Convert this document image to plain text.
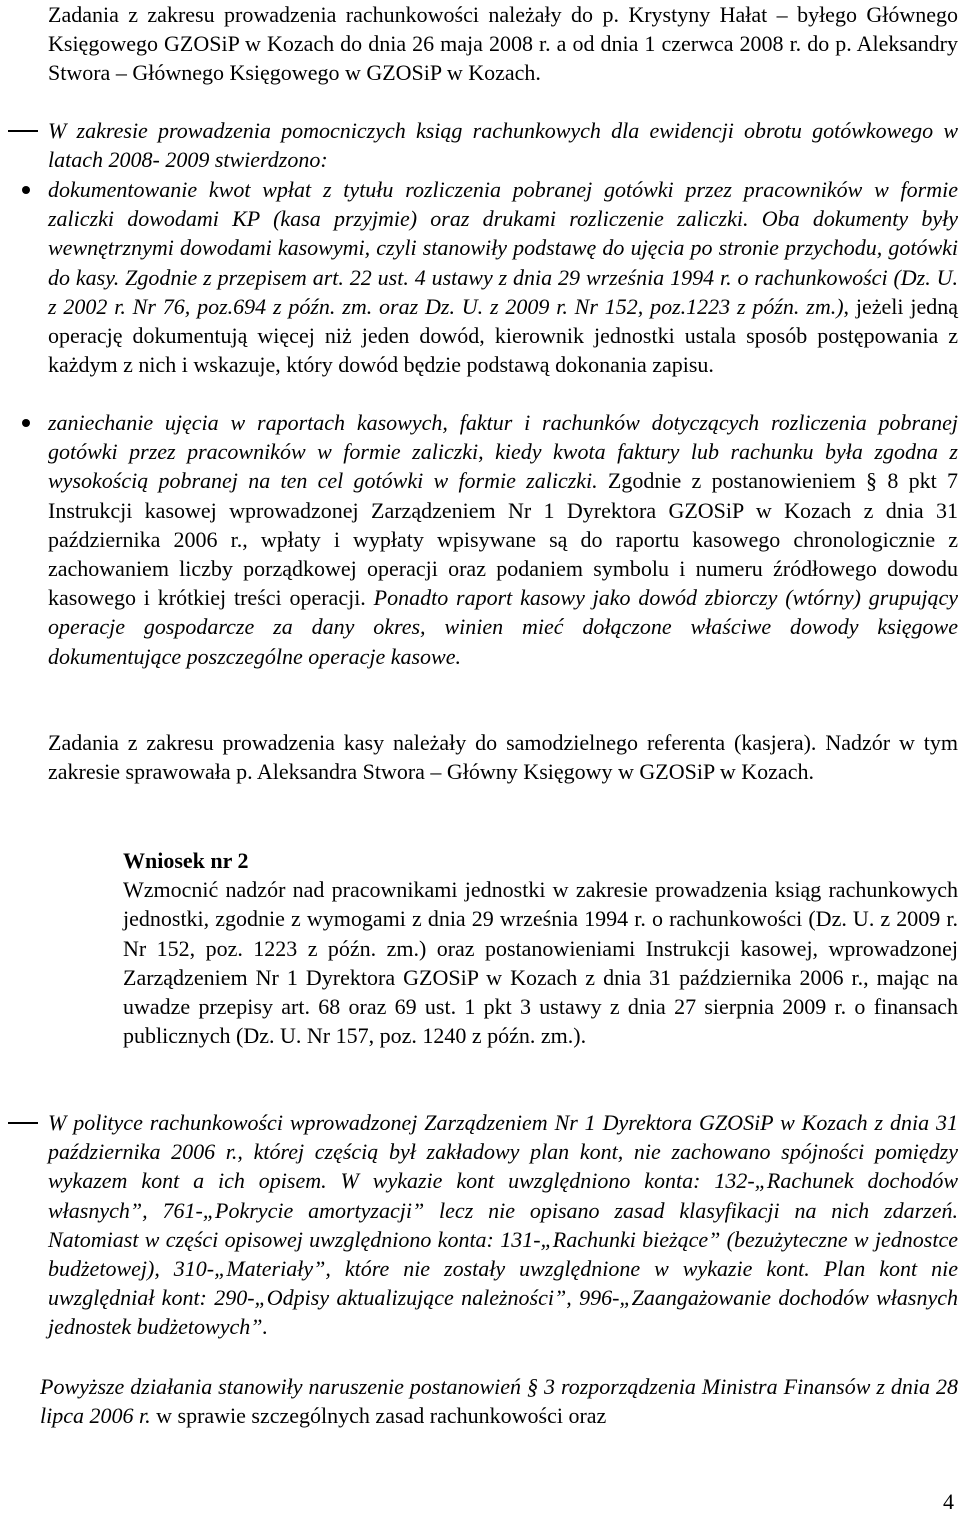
Zadania z zakresu prowadzenia rachunkowości należały do p. Krystyny Hałat – byłego Głównego Księgowego GZOSiP w Kozach do dnia 26 maja 2008 r. a od dnia 1 czerwca 2008 r. do p. Aleksandry Stwora – Głównego Księgowego w GZOSiP w Kozach.

W zakresie prowadzenia pomocniczych ksiąg rachunkowych dla ewidencji obrotu gotówkowego w latach 2008- 2009 stwierdzono:

dokumentowanie kwot wpłat z tytułu rozliczenia pobranej gotówki przez pracowników w formie zaliczki dowodami KP (kasa przyjmie) oraz drukami rozliczenie zaliczki. Oba dokumenty były wewnętrznymi dowodami kasowymi, czyli stanowiły podstawę do ujęcia po stronie przychodu, gotówki do kasy. Zgodnie z przepisem art. 22 ust. 4 ustawy z dnia 29 września 1994 r. o rachunkowości (Dz. U. z 2002 r. Nr 76, poz.694 z późn. zm. oraz Dz. U. z 2009 r. Nr 152, poz.1223 z późn. zm.), jeżeli jedną operację dokumentują więcej niż jeden dowód, kierownik jednostki ustala sposób postępowania z każdym z nich i wskazuje, który dowód będzie podstawą dokonania zapisu.

zaniechanie ujęcia w raportach kasowych, faktur i rachunków dotyczących rozliczenia pobranej gotówki przez pracowników w formie zaliczki, kiedy kwota faktury lub rachunku była zgodna z wysokością pobranej na ten cel gotówki w formie zaliczki. Zgodnie z postanowieniem § 8 pkt 7 Instrukcji kasowej wprowadzonej Zarządzeniem Nr 1 Dyrektora GZOSiP w Kozach z dnia 31 października 2006 r., wpłaty i wypłaty wpisywane są do raportu kasowego chronologicznie z zachowaniem liczby porządkowej operacji oraz podaniem symbolu i numeru źródłowego dowodu kasowego i krótkiej treści operacji. Ponadto raport kasowy jako dowód zbiorczy (wtórny) grupujący operacje gospodarcze za dany okres, winien mieć dołączone właściwe dowody księgowe dokumentujące poszczególne operacje kasowe.

Zadania z zakresu prowadzenia kasy należały do samodzielnego referenta (kasjera). Nadzór w tym zakresie sprawowała p. Aleksandra Stwora – Główny Księgowy w GZOSiP w Kozach.

Wniosek nr 2
Wzmocnić nadzór nad pracownikami jednostki w zakresie prowadzenia ksiąg rachunkowych jednostki, zgodnie z wymogami z dnia 29 września 1994 r. o rachunkowości (Dz. U. z 2009 r. Nr 152, poz. 1223 z późn. zm.) oraz postanowieniami Instrukcji kasowej, wprowadzonej Zarządzeniem Nr 1 Dyrektora GZOSiP w Kozach z dnia 31 października 2006 r., mając na uwadze przepisy art. 68 oraz 69 ust. 1 pkt 3 ustawy z dnia 27 sierpnia 2009 r. o finansach publicznych (Dz. U. Nr 157, poz. 1240 z późn. zm.).

W polityce rachunkowości wprowadzonej Zarządzeniem Nr 1 Dyrektora GZOSiP w Kozach z dnia 31 października 2006 r., której częścią był zakładowy plan kont, nie zachowano spójności pomiędzy wykazem kont a ich opisem. W wykazie kont uwzględniono konta: 132-„Rachunek dochodów własnych”, 761-„Pokrycie amortyzacji” lecz nie opisano zasad klasyfikacji na nich zdarzeń. Natomiast w części opisowej uwzględniono konta: 131-„Rachunki bieżące” (bezużyteczne w jednostce budżetowej), 310-„Materiały”, które nie zostały uwzględnione w wykazie kont. Plan kont nie uwzględniał kont: 290-„Odpisy aktualizujące należności”, 996-„Zaangażowanie dochodów własnych jednostek budżetowych”.

Powyższe działania stanowiły naruszenie postanowień § 3 rozporządzenia Ministra Finansów z dnia 28 lipca 2006 r. w sprawie szczególnych zasad rachunkowości oraz

4
